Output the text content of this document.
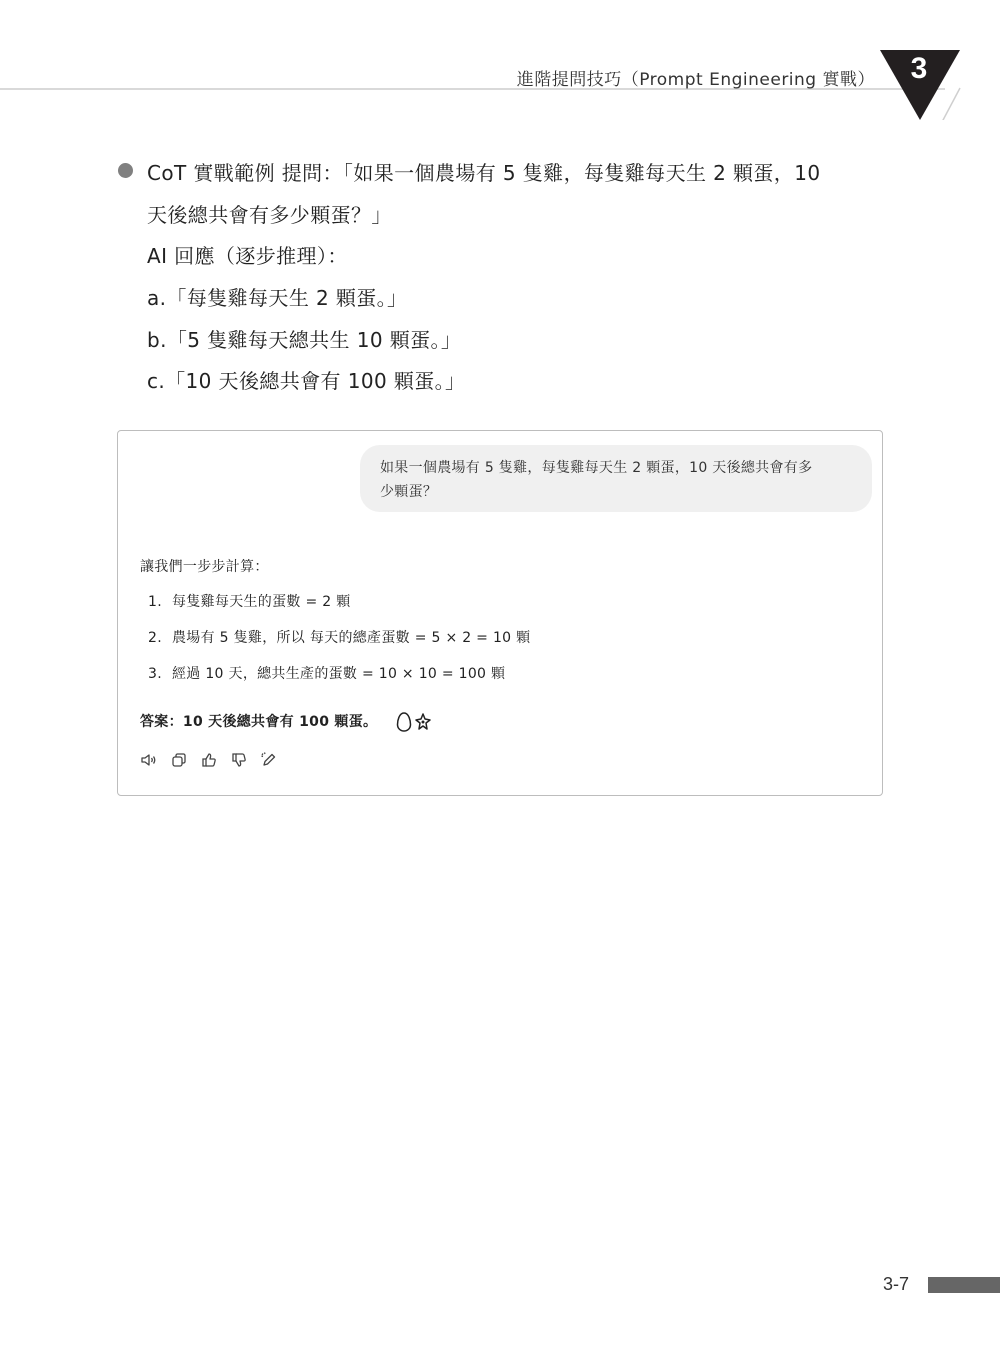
進階提問技巧（Prompt Engineering 實戰）	3
CoT 實戰範例 提問：「如果一個農場有 5 隻雞，每隻雞每天生 2 顆蛋，10
天後總共會有多少顆蛋？」
AI 回應（逐步推理）：
a.「每隻雞每天生 2 顆蛋。」
b.「5 隻雞每天總共生 10 顆蛋。」
c.「10 天後總共會有 100 顆蛋。」
如果一個農場有 5 隻雞，每隻雞每天生 2 顆蛋，10 天後總共會有多
少顆蛋？
讓我們一步步計算：
1. 每隻雞每天生的蛋數 = 2 顆
2. 農場有 5 隻雞，所以 每天的總產蛋數 = 5 × 2 = 10 顆
3. 經過 10 天，總共生產的蛋數 = 10 × 10 = 100 顆
答案：10 天後總共會有 100 顆蛋。
3-7
